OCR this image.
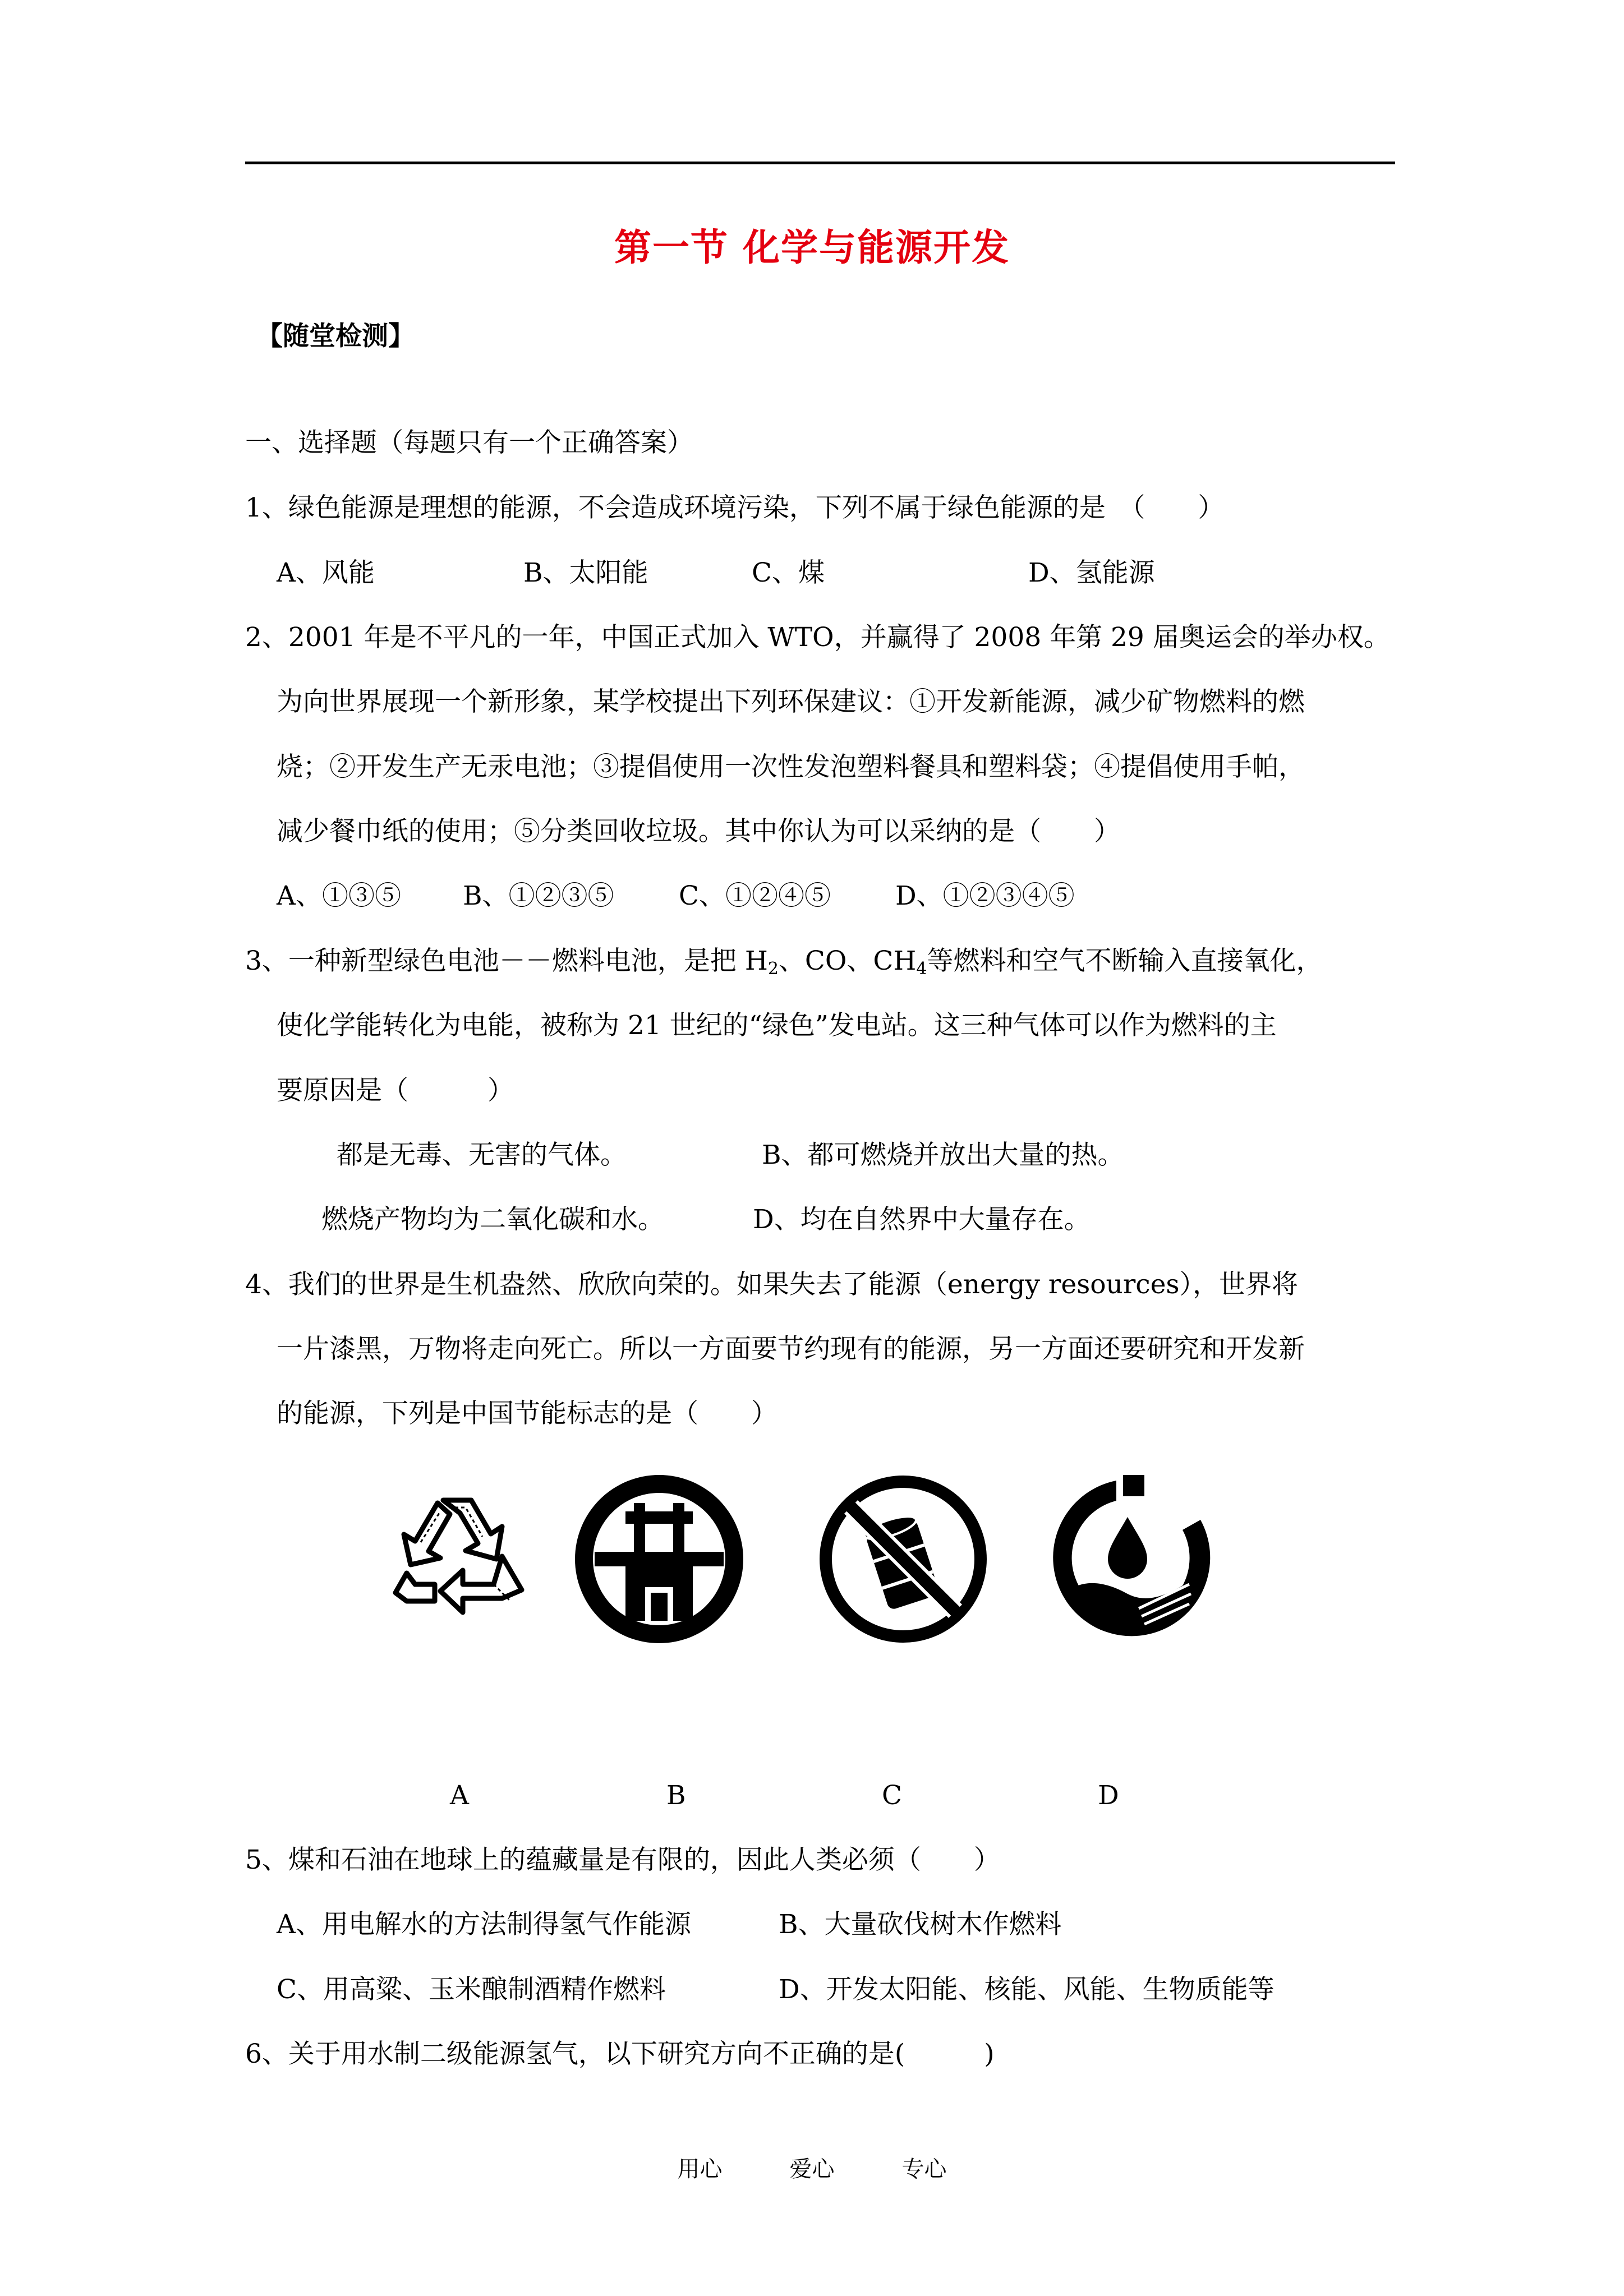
第一节 化学与能源开发
【随堂检测】
一、选择题（每题只有一个正确答案）
1、绿色能源是理想的能源，不会造成环境污染，下列不属于绿色能源的是　（　　）
A、风能	B、太阳能	C、煤	D、氢能源
2、2001 年是不平凡的一年，中国正式加入 WTO，并赢得了 2008 年第 29 届奥运会的举办权。
为向世界展现一个新形象，某学校提出下列环保建议：①开发新能源，减少矿物燃料的燃
烧；②开发生产无汞电池；③提倡使用一次性发泡塑料餐具和塑料袋；④提倡使用手帕，
减少餐巾纸的使用；⑤分类回收垃圾。其中你认为可以采纳的是（　　）
A、①③⑤ B、①②③⑤ C、①②④⑤ D、①②③④⑤
3、一种新型绿色电池－－燃料电池，是把 $H_2$、CO、$CH_4$等燃料和空气不断输入直接氧化，
使化学能转化为电能，被称为 21 世纪的“绿色”发电站。这三种气体可以作为燃料的主
要原因是（　　　）
都是无毒、无害的气体。	B、都可燃烧并放出大量的热。
燃烧产物均为二氧化碳和水。	D、均在自然界中大量存在。
4、我们的世界是生机盎然、欣欣向荣的。如果失去了能源（energy resources），世界将
一片漆黑，万物将走向死亡。所以一方面要节约现有的能源，另一方面还要研究和开发新
的能源，下列是中国节能标志的是（　　）
A	B	C	D
5、煤和石油在地球上的蕴藏量是有限的，因此人类必须（　　）
A、用电解水的方法制得氢气作能源	B、大量砍伐树木作燃料
C、用高粱、玉米酿制酒精作燃料	D、开发太阳能、核能、风能、生物质能等
6、关于用水制二级能源氢气，以下研究方向不正确的是(　　　)
用心	爱心	专心
